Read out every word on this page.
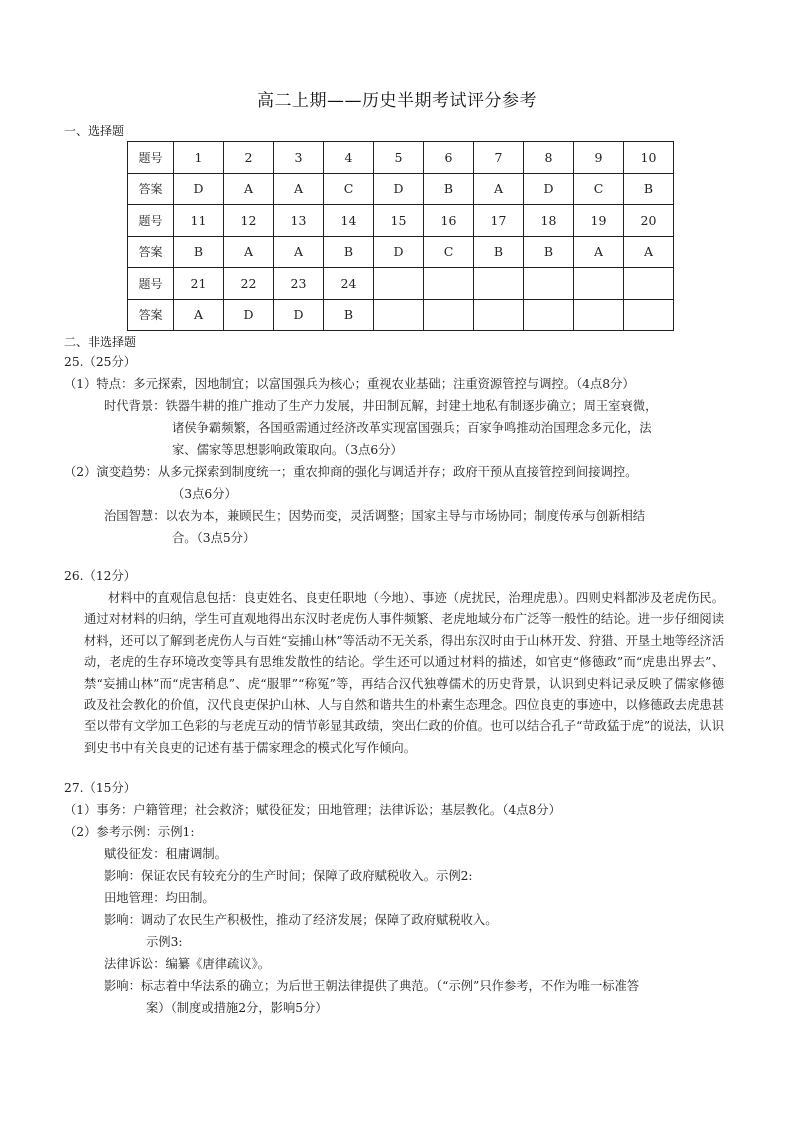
高二上期——历史半期考试评分参考
一、选择题
题号	1	2	3	4	5	6	7	8	9	10
答案	D	A	A	C	D	B	A	D	C	B
题号	11	12	13	14	15	16	17	18	19	20
答案	B	A	A	B	D	C	B	B	A	A
题号	21	22	23	24						
答案	A	D	D	B						
二、非选择题
25.（25分）
（1）特点：多元探索，因地制宜；以富国强兵为核心；重视农业基础；注重资源管控与调控。（4点8分）
时代背景：铁器牛耕的推广推动了生产力发展，井田制瓦解，封建土地私有制逐步确立；周王室衰微，
诸侯争霸频繁，各国亟需通过经济改革实现富国强兵；百家争鸣推动治国理念多元化，法
家、儒家等思想影响政策取向。（3点6分）
（2）演变趋势：从多元探索到制度统一；重农抑商的强化与调适并存；政府干预从直接管控到间接调控。
（3点6分）
治国智慧：以农为本，兼顾民生；因势而变，灵活调整；国家主导与市场协同；制度传承与创新相结
合。（3点5分）
26.（12分）
材料中的直观信息包括：良吏姓名、良吏任职地（今地）、事迹（虎扰民，治理虎患）。四则史料都涉及老虎伤民。通过对材料的归纳，学生可直观地得出东汉时老虎伤人事件频繁、老虎地域分布广泛等一般性的结论。进一步仔细阅读材料，还可以了解到老虎伤人与百姓“妄捕山林”等活动不无关系，得出东汉时由于山林开发、狩猎、开垦土地等经济活动，老虎的生存环境改变等具有思维发散性的结论。学生还可以通过材料的描述，如官吏“修德政”而“虎患出界去”、禁“妄捕山林”而“虎害稍息”、虎“服罪”“称冤”等，再结合汉代独尊儒术的历史背景，认识到史料记录反映了儒家修德政及社会教化的价值，汉代良吏保护山林、人与自然和谐共生的朴素生态理念。四位良吏的事迹中，以修德政去虎患甚至以带有文学加工色彩的与老虎互动的情节彰显其政绩，突出仁政的价值。也可以结合孔子“苛政猛于虎”的说法，认识到史书中有关良吏的记述有基于儒家理念的模式化写作倾向。
27.（15分）
（1）事务：户籍管理；社会救济；赋役征发；田地管理；法律诉讼；基层教化。（4点8分）
（2）参考示例：示例1:
赋役征发：租庸调制。
影响：保证农民有较充分的生产时间；保障了政府赋税收入。示例2:
田地管理：均田制。
影响：调动了农民生产积极性，推动了经济发展；保障了政府赋税收入。
示例3:
法律诉讼：编纂《唐律疏议》。
影响：标志着中华法系的确立；为后世王朝法律提供了典范。（“示例”只作参考，不作为唯一标准答
案）（制度或措施2分，影响5分）
